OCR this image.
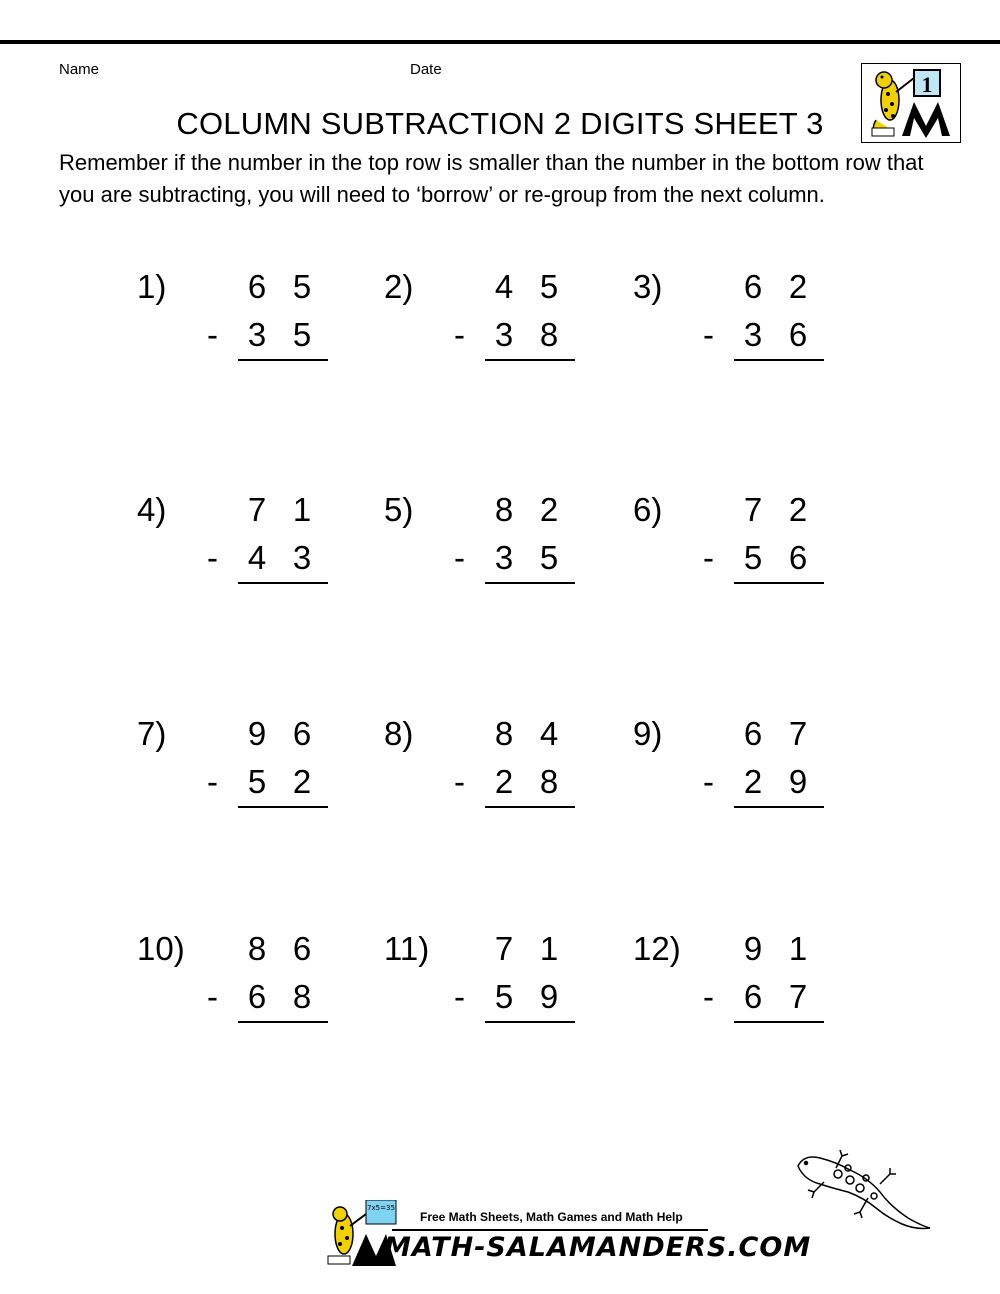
Name	Date
1
COLUMN SUBTRACTION 2 DIGITS SHEET 3
Remember if the number in the top row is smaller than the number in the bottom row that you are subtracting, you will need to ‘borrow’ or re-group from the next column.
1) 6 5
- 3 5
2) 4 5
- 3 8
3) 6 2
- 3 6
4) 7 1
- 4 3
5) 8 2
- 3 5
6) 7 2
- 5 6
7) 9 6
- 5 2
8) 8 4
- 2 8
9) 6 7
- 2 9
10) 8 6
- 6 8
11) 7 1
- 5 9
12) 9 1
- 6 7
7x5=35
Free Math Sheets, Math Games and Math Help
MATH-SALAMANDERS.COM
